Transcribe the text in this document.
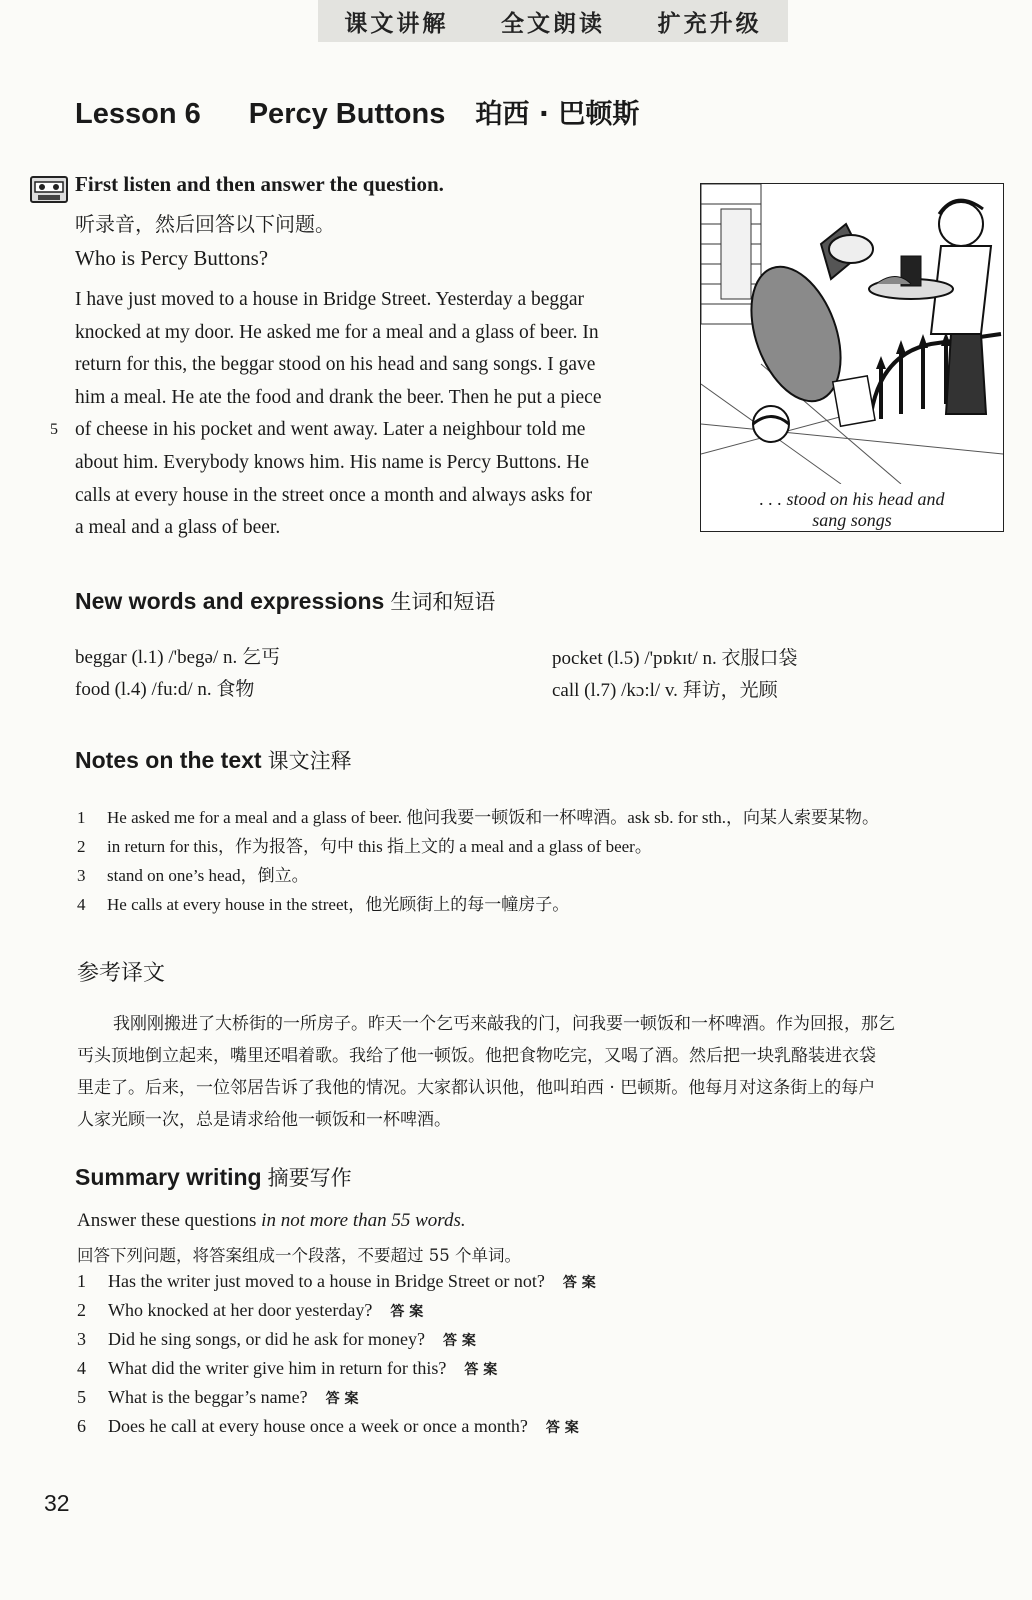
课文讲解 全文朗读 扩充升级
Lesson 6 Percy Buttons 珀西 · 巴顿斯
First listen and then answer the question.
听录音，然后回答以下问题。
Who is Percy Buttons?
I have just moved to a house in Bridge Street. Yesterday a beggar
knocked at my door. He asked me for a meal and a glass of beer. In
return for this, the beggar stood on his head and sang songs. I gave
him a meal. He ate the food and drank the beer. Then he put a piece
of cheese in his pocket and went away. Later a neighbour told me
about him. Everybody knows him. His name is Percy Buttons. He
calls at every house in the street once a month and always asks for
a meal and a glass of beer.
5
. . . stood on his head and
sang songs
New words and expressions 生词和短语
beggar (l.1) /'begə/ n. 乞丐
food (l.4) /fu:d/ n. 食物
pocket (l.5) /'pɒkɪt/ n. 衣服口袋
call (l.7) /kɔ:l/ v. 拜访，光顾
Notes on the text 课文注释
1 He asked me for a meal and a glass of beer. 他问我要一顿饭和一杯啤酒。ask sb. for sth.，向某人索要某物。
2 in return for this，作为报答，句中 this 指上文的 a meal and a glass of beer。
3 stand on one’s head，倒立。
4 He calls at every house in the street，他光顾街上的每一幢房子。
参考译文
我刚刚搬进了大桥街的一所房子。昨天一个乞丐来敲我的门，问我要一顿饭和一杯啤酒。作为回报，那乞
丐头顶地倒立起来，嘴里还唱着歌。我给了他一顿饭。他把食物吃完，又喝了酒。然后把一块乳酪装进衣袋
里走了。后来，一位邻居告诉了我他的情况。大家都认识他，他叫珀西 · 巴顿斯。他每月对这条街上的每户
人家光顾一次，总是请求给他一顿饭和一杯啤酒。
Summary writing 摘要写作
Answer these questions in not more than 55 words.
回答下列问题，将答案组成一个段落，不要超过 55 个单词。
1 Has the writer just moved to a house in Bridge Street or not? 答 案
2 Who knocked at her door yesterday? 答 案
3 Did he sing songs, or did he ask for money? 答 案
4 What did the writer give him in return for this? 答 案
5 What is the beggar’s name? 答 案
6 Does he call at every house once a week or once a month? 答 案
32
